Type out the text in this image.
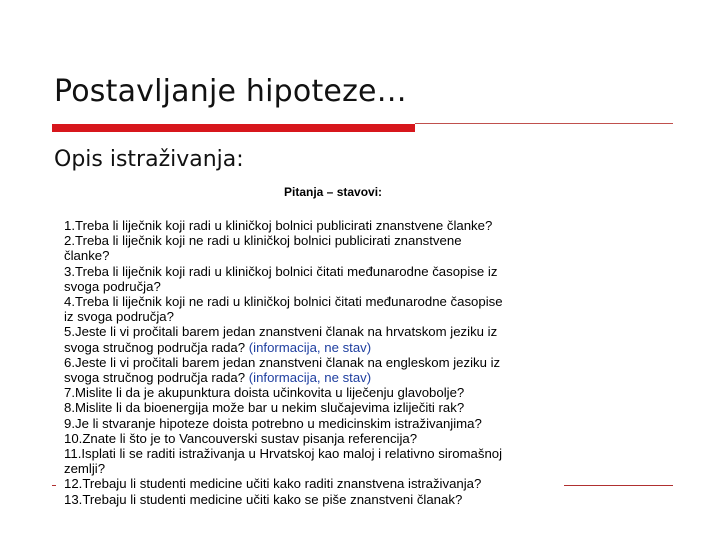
Postavljanje hipoteze…
Opis istraživanja:
Pitanja – stavovi:
1.Treba li liječnik koji radi u kliničkoj bolnici publicirati znanstvene članke?
2.Treba li liječnik koji ne radi u kliničkoj bolnici publicirati znanstvene
članke?
3.Treba li liječnik koji radi u kliničkoj bolnici čitati međunarodne časopise iz
svoga područja?
4.Treba li liječnik koji ne radi u kliničkoj bolnici čitati međunarodne časopise
iz svoga područja?
5.Jeste li vi pročitali barem jedan znanstveni članak na hrvatskom jeziku iz
svoga stručnog područja rada? (informacija, ne stav)
6.Jeste li vi pročitali barem jedan znanstveni članak na engleskom jeziku iz
svoga stručnog područja rada? (informacija, ne stav)
7.Mislite li da je akupunktura doista učinkovita u liječenju glavobolje?
8.Mislite li da bioenergija može bar u nekim slučajevima izliječiti rak?
9.Je li stvaranje hipoteze doista potrebno u medicinskim istraživanjima?
10.Znate li što je to Vancouverski sustav pisanja referencija?
11.Isplati li se raditi istraživanja u Hrvatskoj kao maloj i relativno siromašnoj
zemlji?
12.Trebaju li studenti medicine učiti kako raditi znanstvena istraživanja?
13.Trebaju li studenti medicine učiti kako se piše znanstveni članak?
